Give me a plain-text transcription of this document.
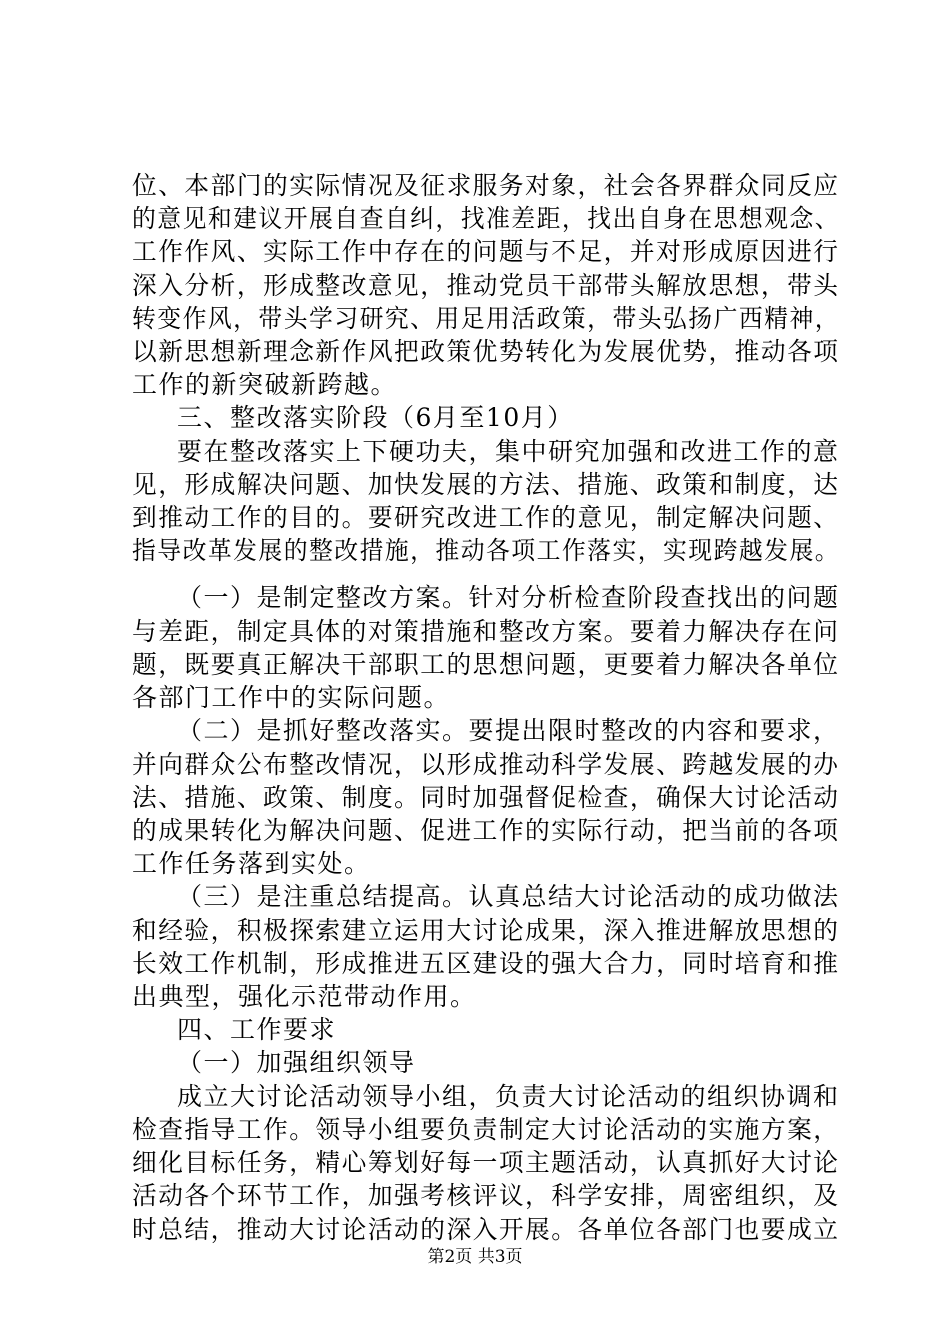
位、本部门的实际情况及征求服务对象，社会各界群众同反应
的意见和建议开展自查自纠，找准差距，找出自身在思想观念、
工作作风、实际工作中存在的问题与不足，并对形成原因进行
深入分析，形成整改意见，推动党员干部带头解放思想，带头
转变作风，带头学习研究、用足用活政策，带头弘扬广西精神，
以新思想新理念新作风把政策优势转化为发展优势，推动各项
工作的新突破新跨越。
三、整改落实阶段（6月至10月）
要在整改落实上下硬功夫，集中研究加强和改进工作的意
见，形成解决问题、加快发展的方法、措施、政策和制度，达
到推动工作的目的。要研究改进工作的意见，制定解决问题、
指导改革发展的整改措施，推动各项工作落实，实现跨越发展。
（一）是制定整改方案。针对分析检查阶段查找出的问题
与差距，制定具体的对策措施和整改方案。要着力解决存在问
题，既要真正解决干部职工的思想问题，更要着力解决各单位
各部门工作中的实际问题。
（二）是抓好整改落实。要提出限时整改的内容和要求，
并向群众公布整改情况，以形成推动科学发展、跨越发展的办
法、措施、政策、制度。同时加强督促检查，确保大讨论活动
的成果转化为解决问题、促进工作的实际行动，把当前的各项
工作任务落到实处。
（三）是注重总结提高。认真总结大讨论活动的成功做法
和经验，积极探索建立运用大讨论成果，深入推进解放思想的
长效工作机制，形成推进五区建设的强大合力，同时培育和推
出典型，强化示范带动作用。
四、工作要求
（一）加强组织领导
成立大讨论活动领导小组，负责大讨论活动的组织协调和
检查指导工作。领导小组要负责制定大讨论活动的实施方案，
细化目标任务，精心筹划好每一项主题活动，认真抓好大讨论
活动各个环节工作，加强考核评议，科学安排，周密组织，及
时总结，推动大讨论活动的深入开展。各单位各部门也要成立
第2页 共3页
